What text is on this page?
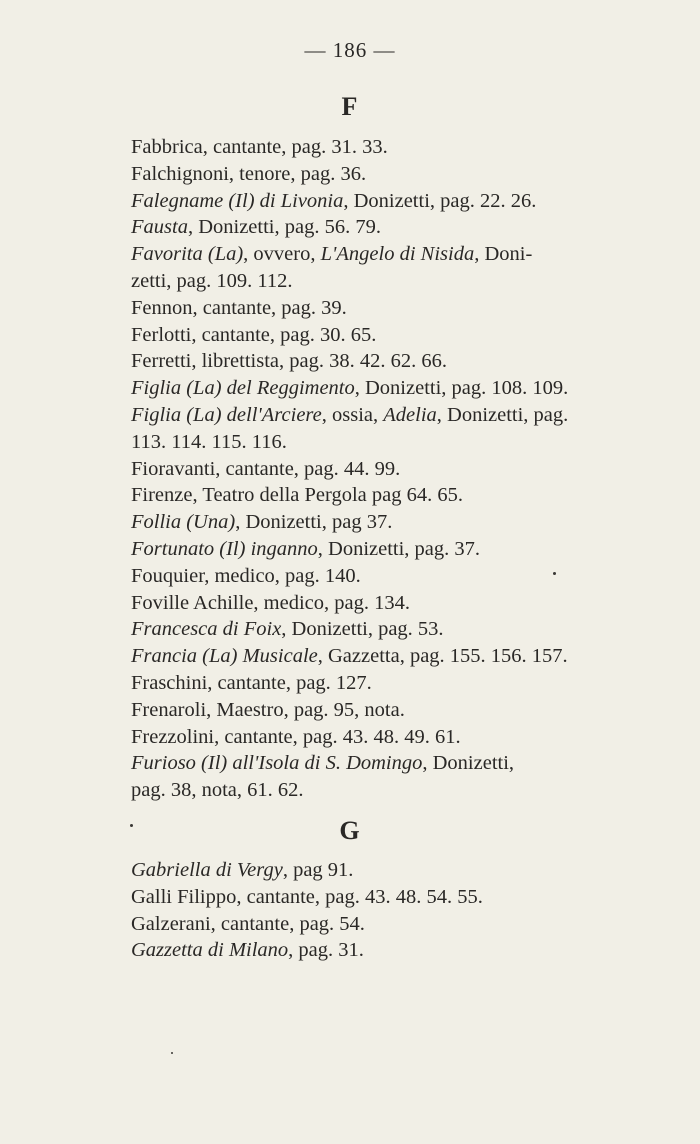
— 186 —
F
Fabbrica, cantante, pag. 31. 33.
Falchignoni, tenore, pag. 36.
Falegname (Il) di Livonia, Donizetti, pag. 22. 26.
Fausta, Donizetti, pag. 56. 79.
Favorita (La), ovvero, L'Angelo di Nisida, Doni-
zetti, pag. 109. 112.
Fennon, cantante, pag. 39.
Ferlotti, cantante, pag. 30. 65.
Ferretti, librettista, pag. 38. 42. 62. 66.
Figlia (La) del Reggimento, Donizetti, pag. 108. 109.
Figlia (La) dell'Arciere, ossia, Adelia, Donizetti, pag.
113. 114. 115. 116.
Fioravanti, cantante, pag. 44. 99.
Firenze, Teatro della Pergola pag 64. 65.
Follia (Una), Donizetti, pag 37.
Fortunato (Il) inganno, Donizetti, pag. 37.
Fouquier, medico, pag. 140.
Foville Achille, medico, pag. 134.
Francesca di Foix, Donizetti, pag. 53.
Francia (La) Musicale, Gazzetta, pag. 155. 156. 157.
Fraschini, cantante, pag. 127.
Frenaroli, Maestro, pag. 95, nota.
Frezzolini, cantante, pag. 43. 48. 49. 61.
Furioso (Il) all'Isola di S. Domingo, Donizetti,
pag. 38, nota, 61. 62.
G
Gabriella di Vergy, pag 91.
Galli Filippo, cantante, pag. 43. 48. 54. 55.
Galzerani, cantante, pag. 54.
Gazzetta di Milano, pag. 31.
